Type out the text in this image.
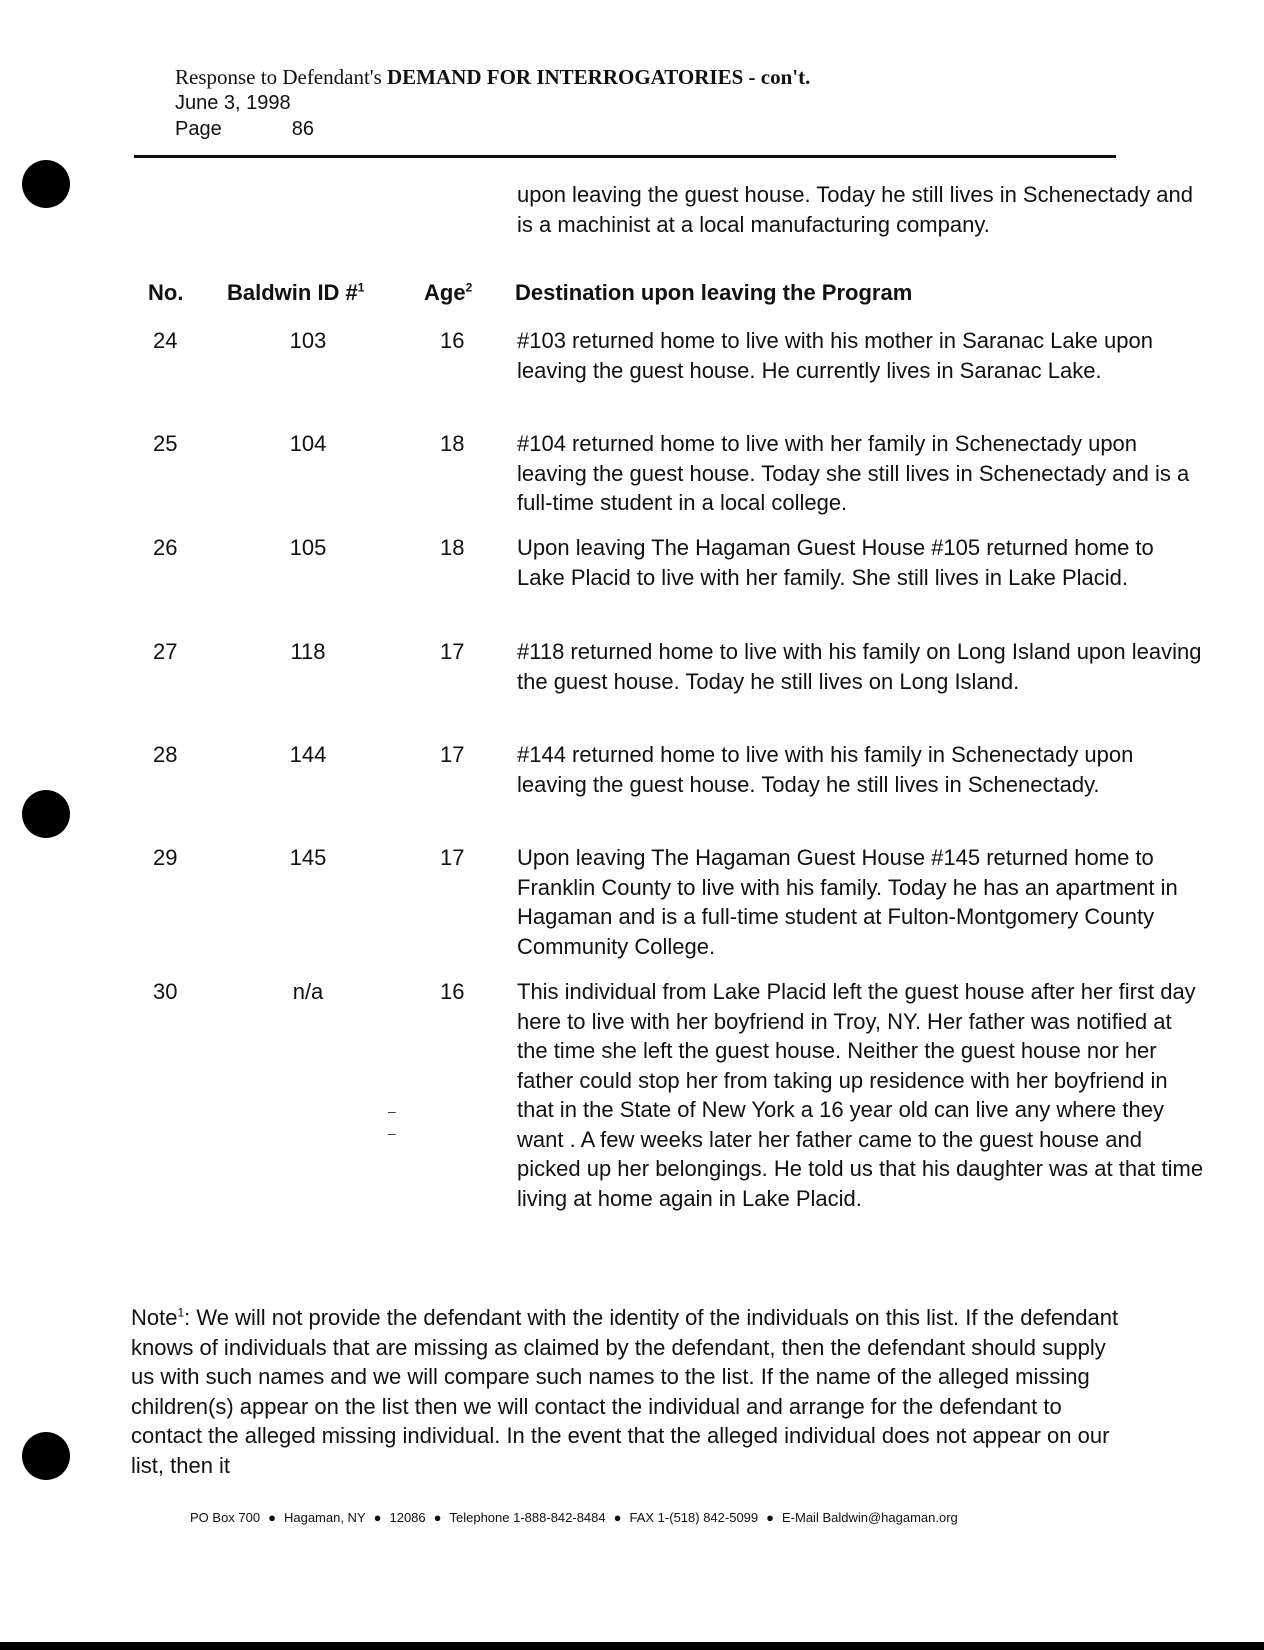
Response to Defendant's DEMAND FOR INTERROGATORIES - con't.
June 3, 1998
Page	86
upon leaving the guest house. Today he still lives in Schenectady and is a machinist at a local manufacturing company.
No. Baldwin ID #$^1$	Age$^2$ Destination upon leaving the Program
24	103	16 #103 returned home to live with his mother in Saranac Lake upon leaving the guest house. He currently lives in Saranac Lake.
25	104	18 #104 returned home to live with her family in Schenectady upon leaving the guest house. Today she still lives in Schenectady and is a full-time student in a local college.
26	105	18 Upon leaving The Hagaman Guest House #105 returned home to Lake Placid to live with her family. She still lives in Lake Placid.
27	118	17 #118 returned home to live with his family on Long Island upon leaving the guest house. Today he still lives on Long Island.
28	144	17 #144 returned home to live with his family in Schenectady upon leaving the guest house. Today he still lives in Schenectady.
29	145	17 Upon leaving The Hagaman Guest House #145 returned home to Franklin County to live with his family. Today he has an apartment in Hagaman and is a full-time student at Fulton-Montgomery County Community College.
30	n/a	16 This individual from Lake Placid left the guest house after her first day here to live with her boyfriend in Troy, NY. Her father was notified at the time she left the guest house. Neither the guest house nor her father could stop her from taking up residence with her boyfriend in that in the State of New York a 16 year old can live any where they want . A few weeks later her father came to the guest house and picked up her belongings. He told us that his daughter was at that time living at home again in Lake Placid.
–
–
Note$^1$: We will not provide the defendant with the identity of the individuals on this list. If the defendant knows of individuals that are missing as claimed by the defendant, then the defendant should supply us with such names and we will compare such names to the list. If the name of the alleged missing children(s) appear on the list then we will contact the individual and arrange for the defendant to contact the alleged missing individual. In the event that the alleged individual does not appear on our list, then it
PO Box 700 ● Hagaman, NY ● 12086 ● Telephone 1-888-842-8484 ● FAX 1-(518) 842-5099 ● E-Mail Baldwin@hagaman.org
